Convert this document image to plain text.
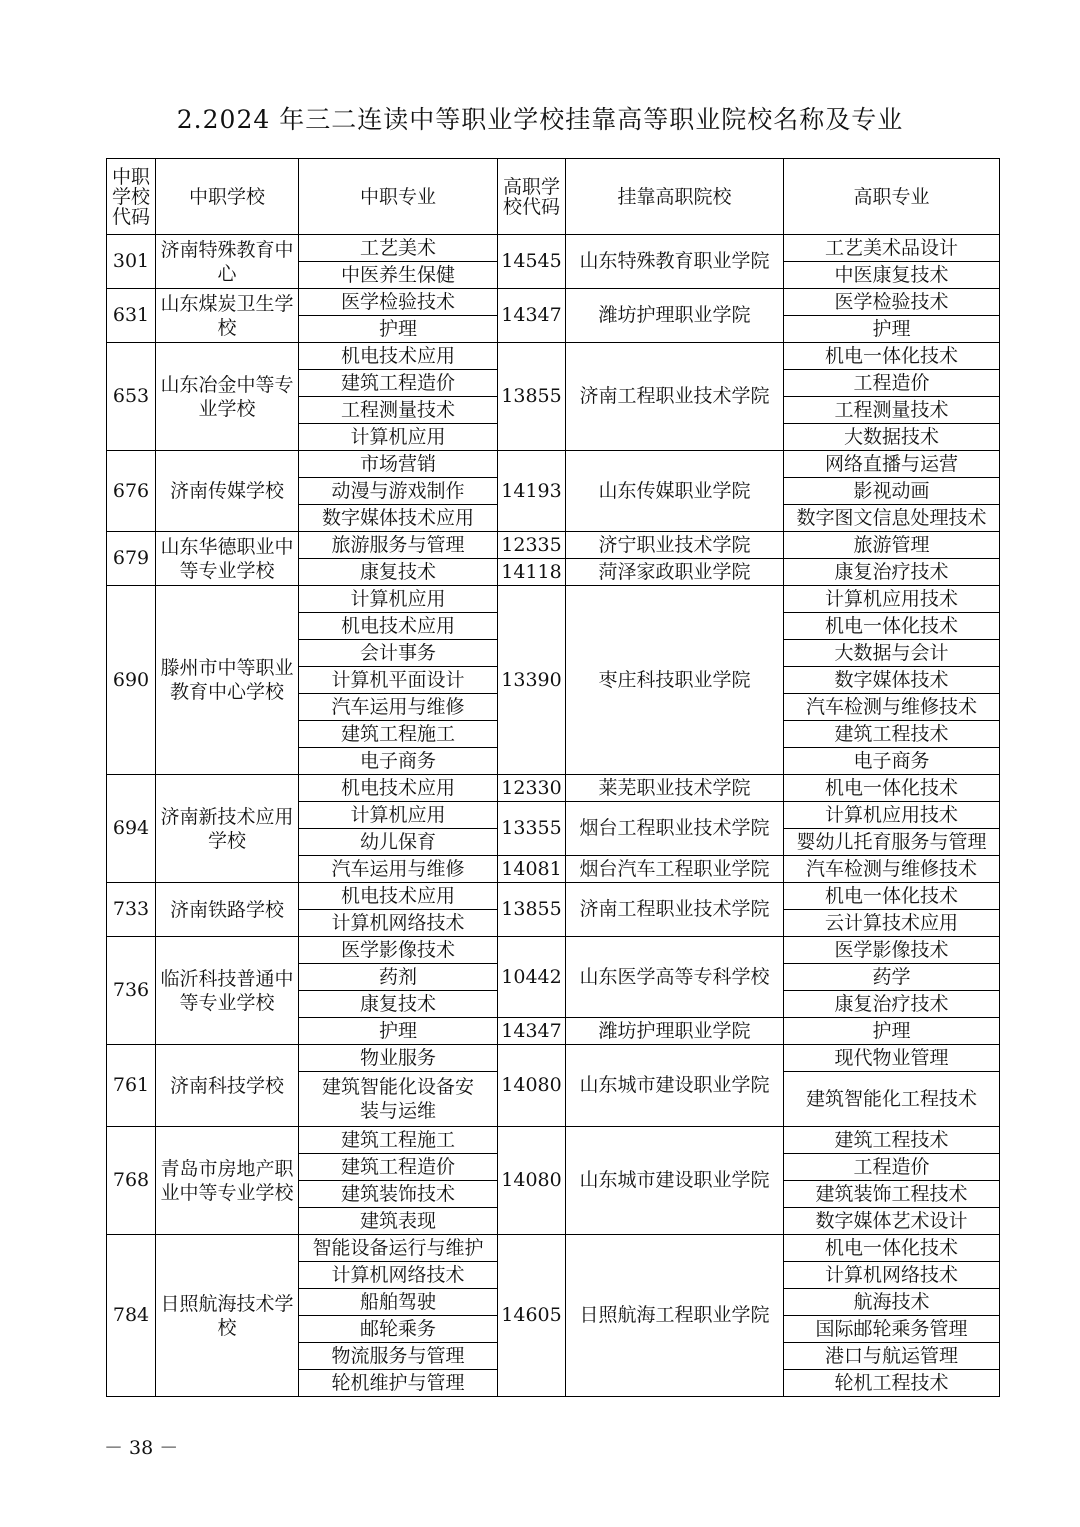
2.2024 年三二连读中等职业学校挂靠高等职业院校名称及专业
中职学校代码	中职学校	中职专业	高职学校代码	挂靠高职院校	高职专业
301	济南特殊教育中心	工艺美术	14545	山东特殊教育职业学院	工艺美术品设计
		中医养生保健			中医康复技术
631	山东煤炭卫生学校	医学检验技术	14347	潍坊护理职业学院	医学检验技术
		护理			护理
653	山东冶金中等专业学校	机电技术应用	13855	济南工程职业技术学院	机电一体化技术
		建筑工程造价			工程造价
		工程测量技术			工程测量技术
		计算机应用			大数据技术
676	济南传媒学校	市场营销	14193	山东传媒职业学院	网络直播与运营
		动漫与游戏制作			影视动画
		数字媒体技术应用			数字图文信息处理技术
679	山东华德职业中等专业学校	旅游服务与管理	12335	济宁职业技术学院	旅游管理
		康复技术	14118	菏泽家政职业学院	康复治疗技术
690	滕州市中等职业教育中心学校	计算机应用	13390	枣庄科技职业学院	计算机应用技术
		机电技术应用			机电一体化技术
		会计事务			大数据与会计
		计算机平面设计			数字媒体技术
		汽车运用与维修			汽车检测与维修技术
		建筑工程施工			建筑工程技术
		电子商务			电子商务
694	济南新技术应用学校	机电技术应用	12330	莱芜职业技术学院	机电一体化技术
		计算机应用	13355	烟台工程职业技术学院	计算机应用技术
		幼儿保育			婴幼儿托育服务与管理
		汽车运用与维修	14081	烟台汽车工程职业学院	汽车检测与维修技术
733	济南铁路学校	机电技术应用	13855	济南工程职业技术学院	机电一体化技术
		计算机网络技术			云计算技术应用
736	临沂科技普通中等专业学校	医学影像技术	10442	山东医学高等专科学校	医学影像技术
		药剂			药学
		康复技术			康复治疗技术
		护理	14347	潍坊护理职业学院	护理
761	济南科技学校	物业服务	14080	山东城市建设职业学院	现代物业管理
		建筑智能化设备安装与运维			建筑智能化工程技术
768	青岛市房地产职业中等专业学校	建筑工程施工	14080	山东城市建设职业学院	建筑工程技术
		建筑工程造价			工程造价
		建筑装饰技术			建筑装饰工程技术
		建筑表现			数字媒体艺术设计
784	日照航海技术学校	智能设备运行与维护	14605	日照航海工程职业学院	机电一体化技术
		计算机网络技术			计算机网络技术
		船舶驾驶			航海技术
		邮轮乘务			国际邮轮乘务管理
		物流服务与管理			港口与航运管理
		轮机维护与管理			轮机工程技术
－ 38 －
